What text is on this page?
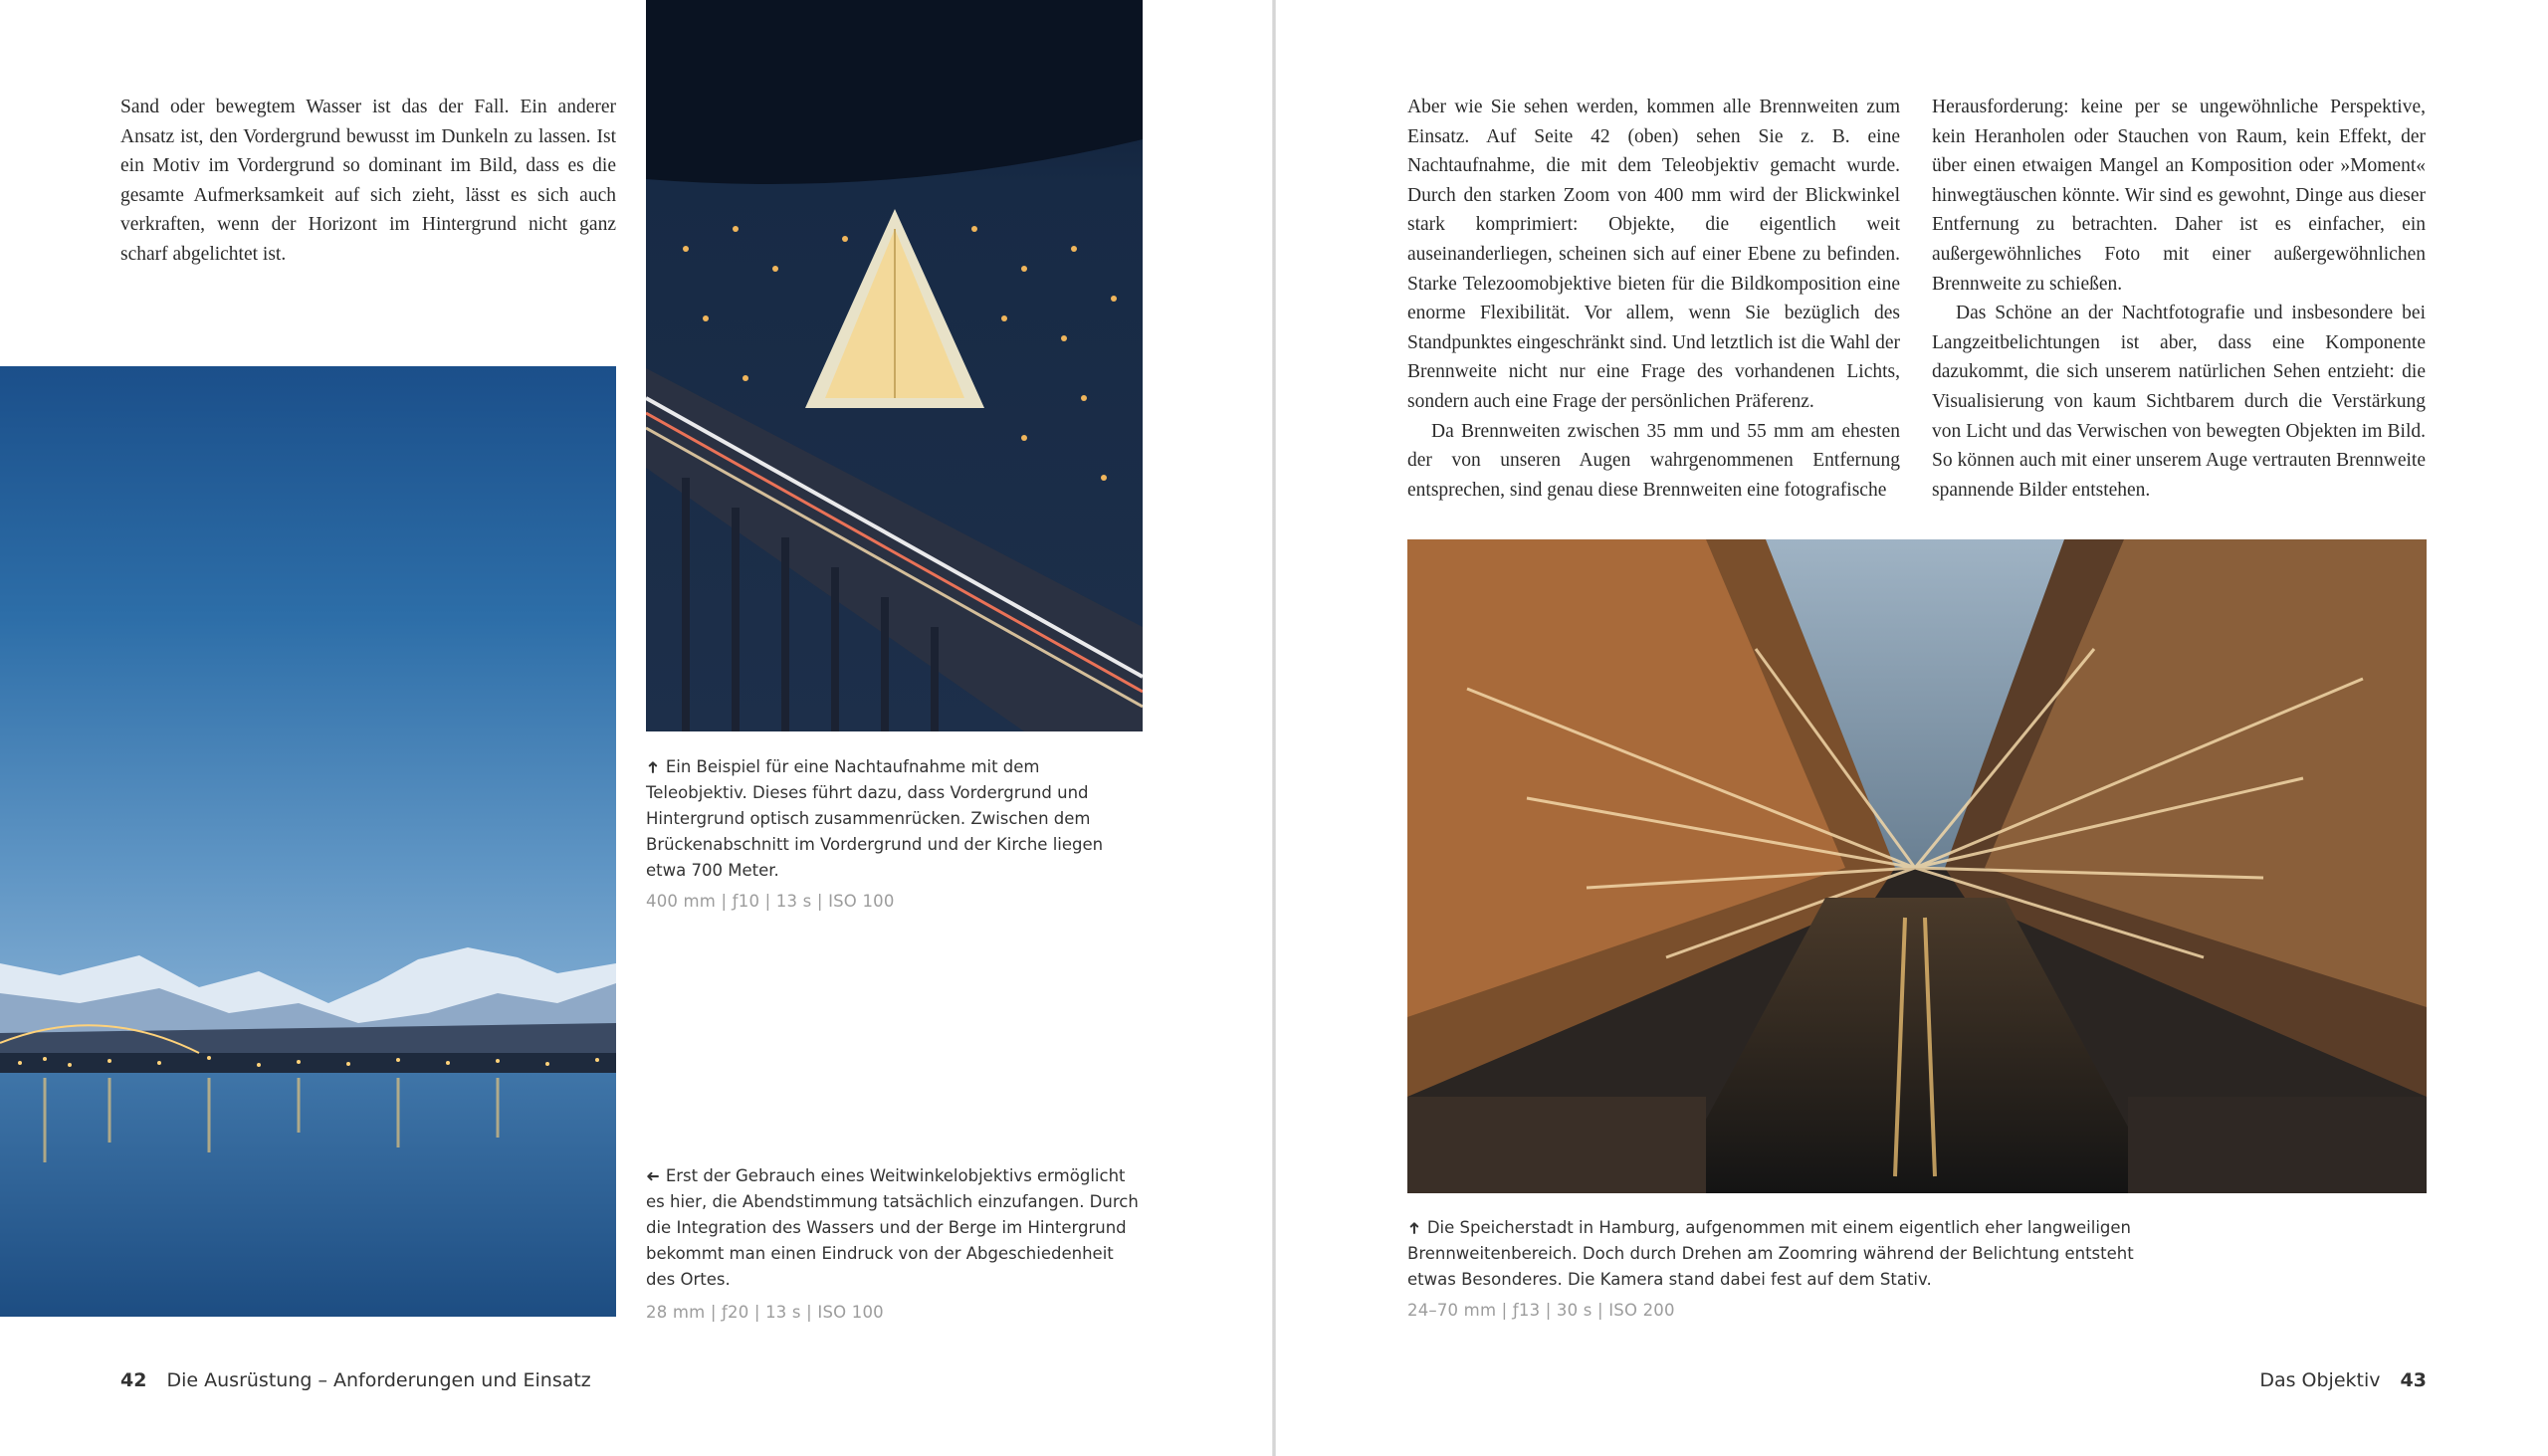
Sand oder bewegtem Wasser ist das der Fall. Ein anderer Ansatz ist, den Vordergrund bewusst im Dunkeln zu lassen. Ist ein Motiv im Vordergrund so dominant im Bild, dass es die gesamte Aufmerksamkeit auf sich zieht, lässt es sich auch verkraften, wenn der Horizont im Hintergrund nicht ganz scharf abgelichtet ist.

➜ Ein Beispiel für eine Nachtaufnahme mit dem Teleobjektiv. Dieses führt dazu, dass Vordergrund und Hintergrund optisch zusammenrücken. Zwischen dem Brückenabschnitt im Vordergrund und der Kirche liegen etwa 700 Meter.
400 mm | ƒ10 | 13 s | ISO 100
➜ Erst der Gebrauch eines Weitwinkelobjektivs ermöglicht es hier, die Abendstimmung tatsächlich einzufangen. Durch die Integration des Wassers und der Berge im Hintergrund bekommt man einen Eindruck von der Abgeschiedenheit des Ortes.
28 mm | ƒ20 | 13 s | ISO 100
42 Die Ausrüstung – Anforderungen und Einsatz

Aber wie Sie sehen werden, kommen alle Brennweiten zum Einsatz. Auf Seite 42 (oben) sehen Sie z. B. eine Nachtaufnahme, die mit dem Teleobjektiv gemacht wurde. Durch den starken Zoom von 400 mm wird der Blickwinkel stark komprimiert: Objekte, die eigentlich weit auseinanderliegen, scheinen sich auf einer Ebene zu befinden. Starke Telezoomobjektive bieten für die Bildkomposition eine enorme Flexibilität. Vor allem, wenn Sie bezüglich des Standpunktes eingeschränkt sind. Und letztlich ist die Wahl der Brennweite nicht nur eine Frage des vorhandenen Lichts, sondern auch eine Frage der persönlichen Präferenz.

Da Brennweiten zwischen 35 mm und 55 mm am ehesten der von unseren Augen wahrgenommenen Entfernung entsprechen, sind genau diese Brennweiten eine fotografische

Herausforderung: keine per se ungewöhnliche Perspektive, kein Heranholen oder Stauchen von Raum, kein Effekt, der über einen etwaigen Mangel an Komposition oder »Moment« hinwegtäuschen könnte. Wir sind es gewohnt, Dinge aus dieser Entfernung zu betrachten. Daher ist es einfacher, ein außergewöhnliches Foto mit einer außergewöhnlichen Brennweite zu schießen.

Das Schöne an der Nachtfotografie und insbesondere bei Langzeitbelichtungen ist aber, dass eine Komponente dazukommt, die sich unserem natürlichen Sehen entzieht: die Visualisierung von kaum Sichtbarem durch die Verstärkung von Licht und das Verwischen von bewegten Objekten im Bild. So können auch mit einer unserem Auge vertrauten Brennweite spannende Bilder entstehen.

➜ Die Speicherstadt in Hamburg, aufgenommen mit einem eigentlich eher langweiligen Brennweitenbereich. Doch durch Drehen am Zoomring während der Belichtung entsteht etwas Besonderes. Die Kamera stand dabei fest auf dem Stativ.
24–70 mm | ƒ13 | 30 s | ISO 200
Das Objektiv 43
